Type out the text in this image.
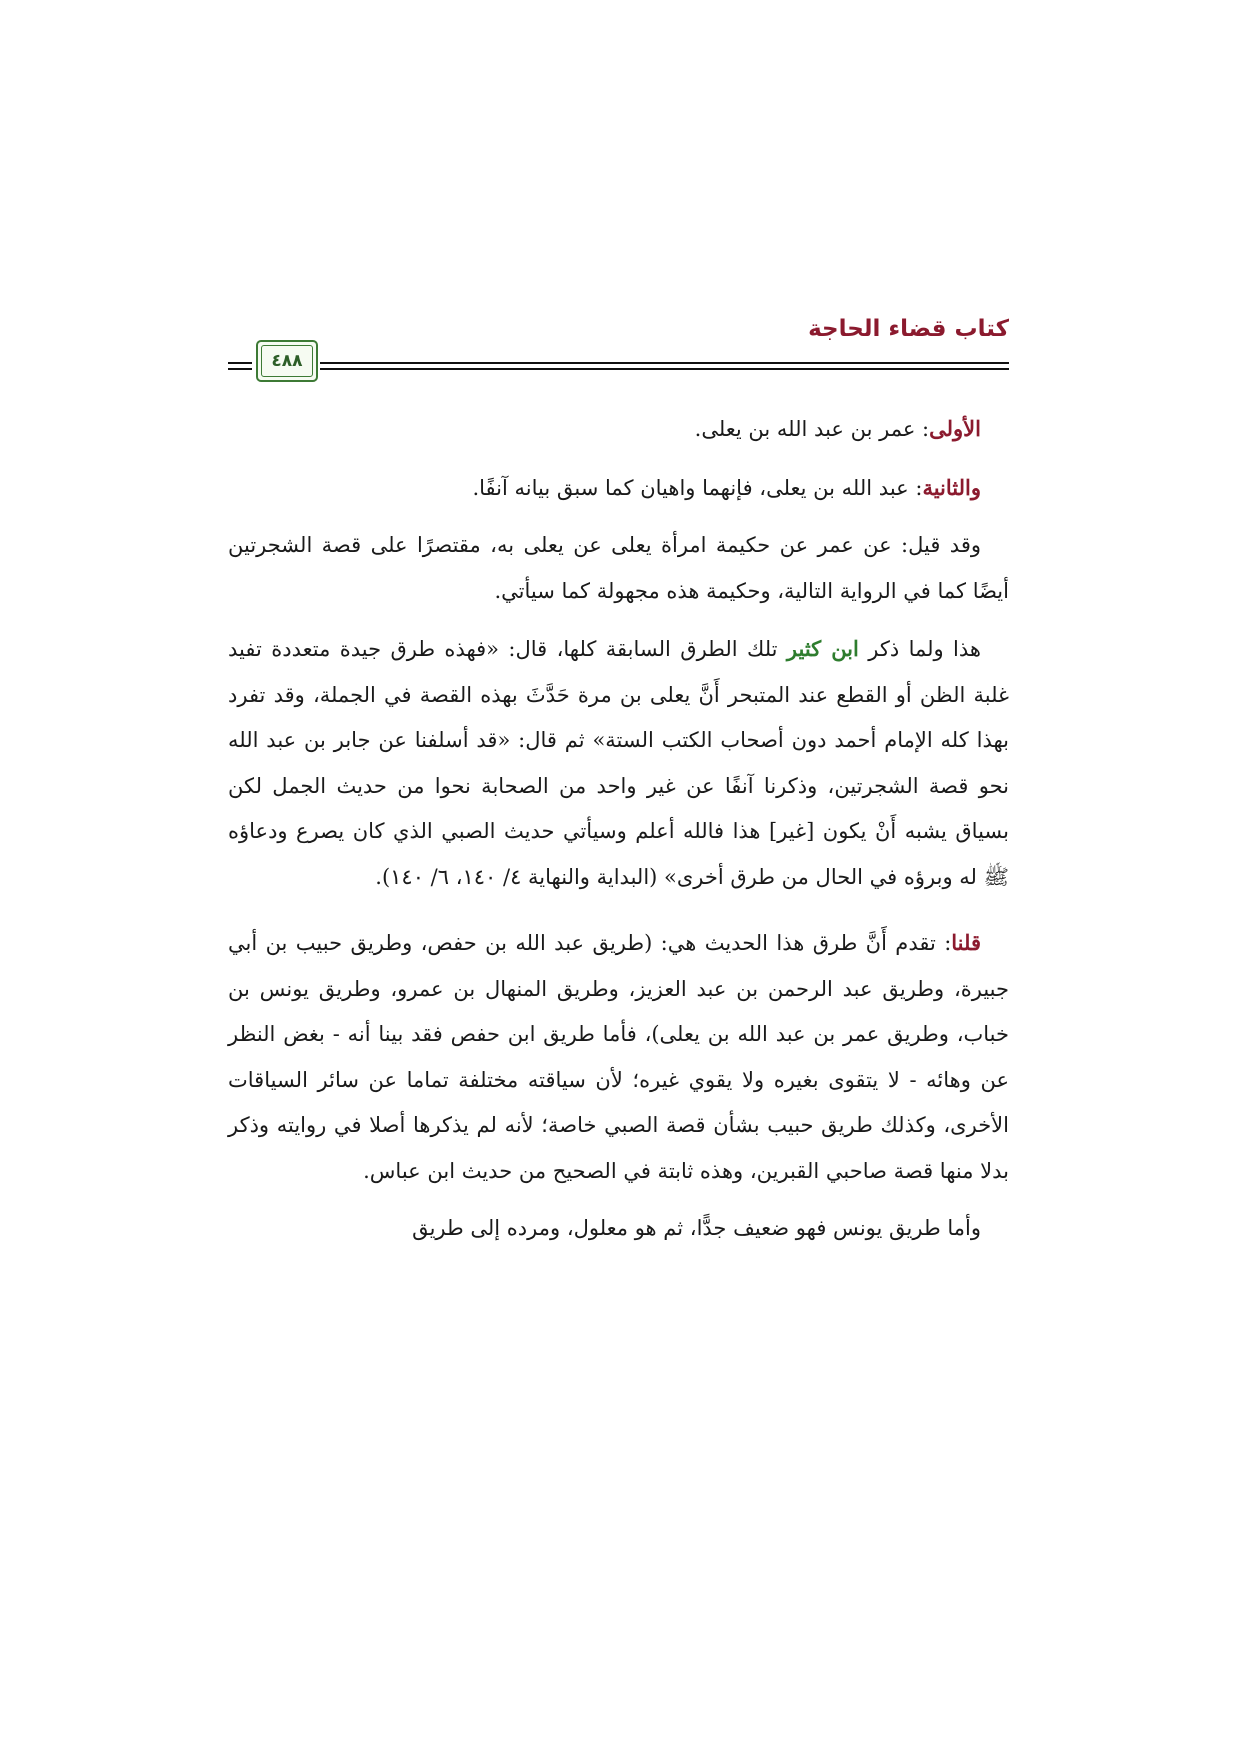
كتاب قضاء الحاجة
٤٨٨

الأولى: عمر بن عبد الله بن يعلى.

والثانية: عبد الله بن يعلى، فإنهما واهيان كما سبق بيانه آنفًا.

وقد قيل: عن عمر عن حكيمة امرأة يعلى عن يعلى به، مقتصرًا على قصة الشجرتين أيضًا كما في الرواية التالية، وحكيمة هذه مجهولة كما سيأتي.

هذا ولما ذكر ابن كثير تلك الطرق السابقة كلها، قال: «فهذه طرق جيدة متعددة تفيد غلبة الظن أو القطع عند المتبحر أَنَّ يعلى بن مرة حَدَّثَ بهذه القصة في الجملة، وقد تفرد بهذا كله الإمام أحمد دون أصحاب الكتب الستة» ثم قال: «قد أسلفنا عن جابر بن عبد الله نحو قصة الشجرتين، وذكرنا آنفًا عن غير واحد من الصحابة نحوا من حديث الجمل لكن بسياق يشبه أَنْ يكون [غير] هذا فالله أعلم وسيأتي حديث الصبي الذي كان يصرع ودعاؤه ﷺ له وبرؤه في الحال من طرق أخرى» (البداية والنهاية ٤/ ١٤٠، ٦/ ١٤٠).

قلنا: تقدم أَنَّ طرق هذا الحديث هي: (طريق عبد الله بن حفص، وطريق حبيب بن أبي جبيرة، وطريق عبد الرحمن بن عبد العزيز، وطريق المنهال بن عمرو، وطريق يونس بن خباب، وطريق عمر بن عبد الله بن يعلى)، فأما طريق ابن حفص فقد بينا أنه - بغض النظر عن وهائه - لا يتقوى بغيره ولا يقوي غيره؛ لأن سياقته مختلفة تماما عن سائر السياقات الأخرى، وكذلك طريق حبيب بشأن قصة الصبي خاصة؛ لأنه لم يذكرها أصلا في روايته وذكر بدلا منها قصة صاحبي القبرين، وهذه ثابتة في الصحيح من حديث ابن عباس.

وأما طريق يونس فهو ضعيف جدًّا، ثم هو معلول، ومرده إلى طريق
